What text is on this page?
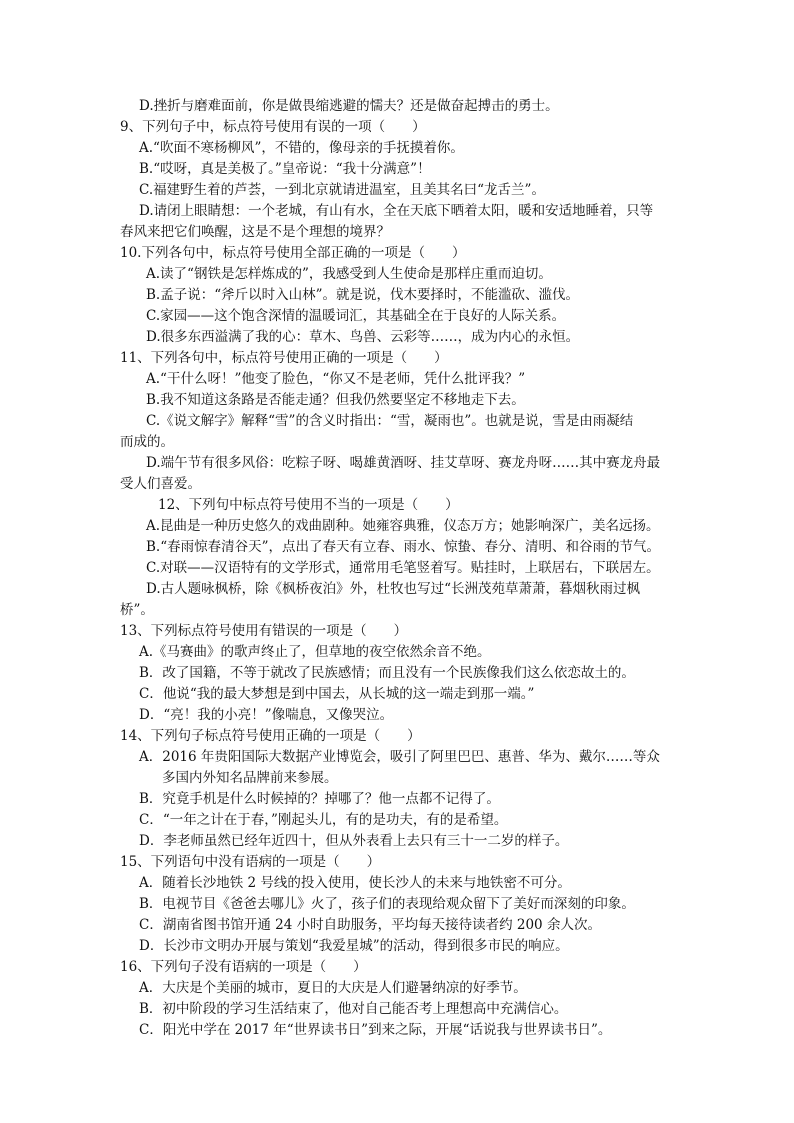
D.挫折与磨难面前，你是做畏缩逃避的懦夫？还是做奋起搏击的勇士。
9、下列句子中，标点符号使用有误的一项（　　）
A.“吹面不寒杨柳风”，不错的，像母亲的手抚摸着你。
B.“哎呀，真是美极了。”皇帝说：“我十分满意”！
C.福建野生着的芦荟，一到北京就请进温室，且美其名曰“龙舌兰”。
D.请闭上眼睛想：一个老城，有山有水，全在天底下晒着太阳，暖和安适地睡着，只等
春风来把它们唤醒，这是不是个理想的境界？
10.下列各句中，标点符号使用全部正确的一项是（　　）
A.读了“钢铁是怎样炼成的”，我感受到人生使命是那样庄重而迫切。
B.孟子说：“斧斤以时入山林”。就是说，伐木要择时，不能滥砍、滥伐。
C.家园——这个饱含深情的温暖词汇，其基础全在于良好的人际关系。
D.很多东西溢满了我的心：草木、鸟兽、云彩等……，成为内心的永恒。
11、下列各句中，标点符号使用正确的一项是（　　）
A.“干什么呀！”他变了脸色，“你又不是老师，凭什么批评我？”
B.我不知道这条路是否能走通？但我仍然要坚定不移地走下去。
C.《说文解字》解释“雪”的含义时指出：“雪，凝雨也”。也就是说，雪是由雨凝结
而成的。
D.端午节有很多风俗：吃粽子呀、喝雄黄酒呀、挂艾草呀、赛龙舟呀……其中赛龙舟最
受人们喜爱。
12、下列句中标点符号使用不当的一项是（　　）
A.昆曲是一种历史悠久的戏曲剧种。她雍容典雅，仪态万方；她影响深广，美名远扬。
B.“春雨惊春清谷天”，点出了春天有立春、雨水、惊蛰、春分、清明、和谷雨的节气。
C.对联——汉语特有的文学形式，通常用毛笔竖着写。贴挂时，上联居右，下联居左。
D.古人题咏枫桥，除《枫桥夜泊》外，杜牧也写过“长洲茂苑草萧萧，暮烟秋雨过枫
桥”。
13、下列标点符号使用有错误的一项是（　　）
A.《马赛曲》的歌声终止了，但草地的夜空依然余音不绝。
B．改了国籍，不等于就改了民族感情；而且没有一个民族像我们这么依恋故土的。
C．他说“我的最大梦想是到中国去，从长城的这一端走到那一端。”
D．“亮！我的小亮！”像喘息，又像哭泣。
14、下列句子标点符号使用正确的一项是（　　）
A．2016 年贵阳国际大数据产业博览会，吸引了阿里巴巴、惠普、华为、戴尔……等众
多国内外知名品牌前来参展。
B．究竟手机是什么时候掉的？掉哪了？他一点都不记得了。
C．“一年之计在于春，”刚起头儿，有的是功夫，有的是希望。
D．李老师虽然已经年近四十，但从外表看上去只有三十一二岁的样子。
15、下列语句中没有语病的一项是（　　）
A．随着长沙地铁 2 号线的投入使用，使长沙人的未来与地铁密不可分。
B．电视节目《爸爸去哪儿》火了，孩子们的表现给观众留下了美好而深刻的印象。
C．湖南省图书馆开通 24 小时自助服务，平均每天接待读者约 200 余人次。
D．长沙市文明办开展与策划“我爱星城”的活动，得到很多市民的响应。
16、下列句子没有语病的一项是（　　）
A．大庆是个美丽的城市，夏日的大庆是人们避暑纳凉的好季节。
B．初中阶段的学习生活结束了，他对自己能否考上理想高中充满信心。
C．阳光中学在 2017 年“世界读书日”到来之际，开展“话说我与世界读书日”。
